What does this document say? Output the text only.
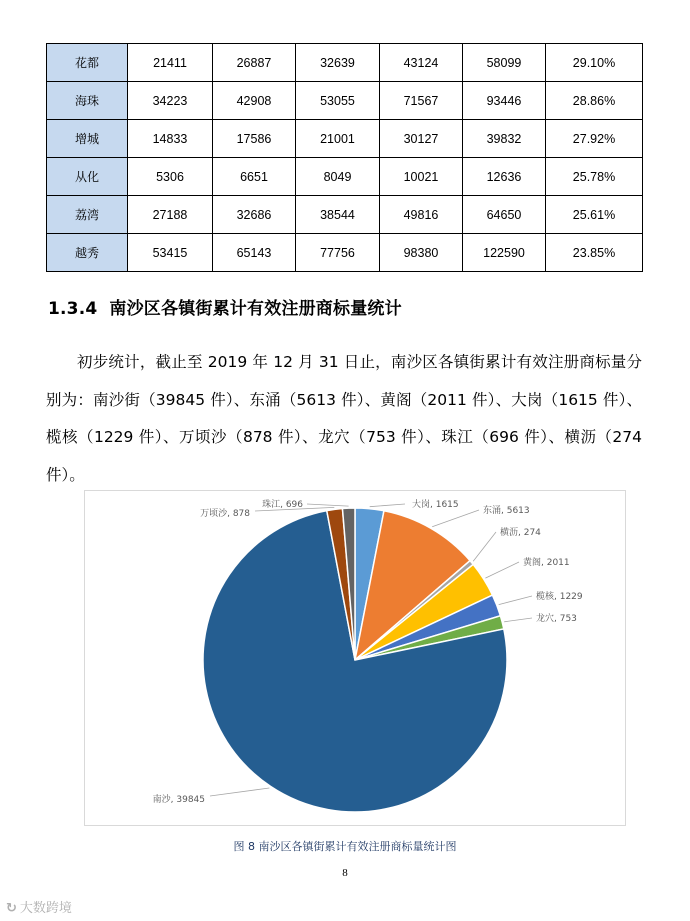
花都	21411	26887	32639	43124	58099	29.10%
海珠	34223	42908	53055	71567	93446	28.86%
增城	14833	17586	21001	30127	39832	27.92%
从化	5306	6651	8049	10021	12636	25.78%
荔湾	27188	32686	38544	49816	64650	25.61%
越秀	53415	65143	77756	98380	122590	23.85%
1.3.4 南沙区各镇街累计有效注册商标量统计
初步统计，截止至 2019 年 12 月 31 日止，南沙区各镇街累计有效注册商标量分别为：南沙街（39845 件）、东涌（5613 件）、黄阁（2011 件）、大岗（1615 件）、榄核（1229 件）、万顷沙（878 件）、龙穴（753 件）、珠江（696 件）、横沥（274 件）。
大岗, 1615
东涌, 5613
横沥, 274
黄阁, 2011
榄核, 1229
龙穴, 753
南沙, 39845
万顷沙, 878
珠江, 696
图 8 南沙区各镇街累计有效注册商标量统计图
8
↻ 大数跨境
